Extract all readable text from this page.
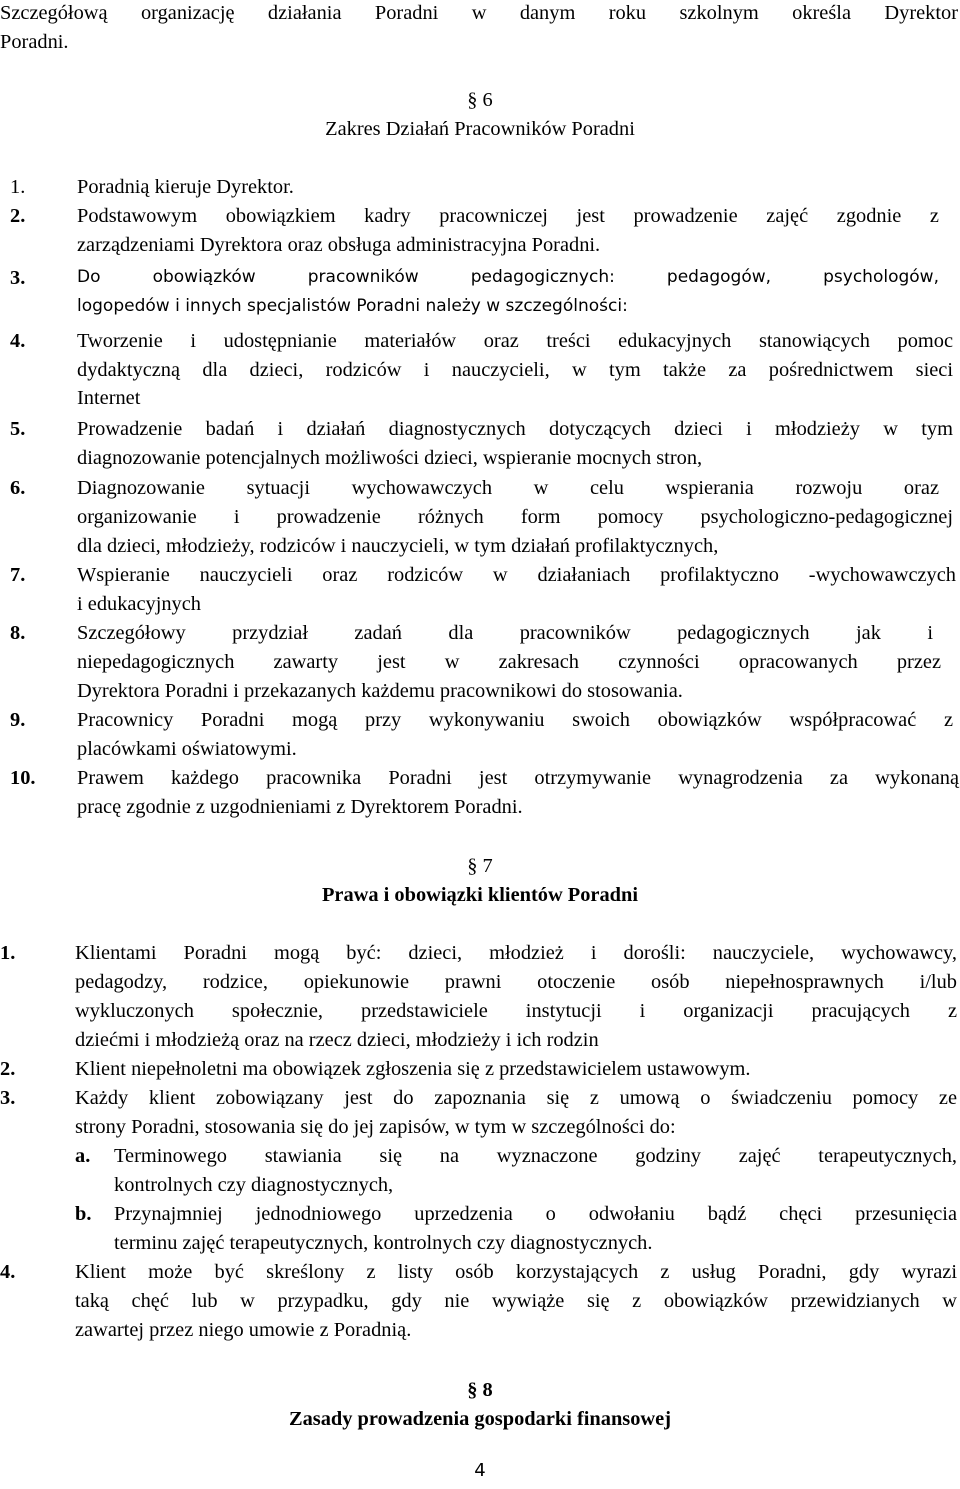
Szczegółową organizację działania Poradni w danym roku szkolnym określa Dyrektor
Poradni.
§ 6
Zakres Działań Pracowników Poradni
1.	Poradnią kieruje Dyrektor.
2.	Podstawowym obowiązkiem kadry pracowniczej jest prowadzenie zajęć zgodnie z
zarządzeniami Dyrektora oraz obsługa administracyjna Poradni.
3.	Do obowiązków pracowników pedagogicznych: pedagogów, psychologów,
logopedów i innych specjalistów Poradni należy w szczególności:
4.	Tworzenie i udostępnianie materiałów oraz treści edukacyjnych stanowiących pomoc
dydaktyczną dla dzieci, rodziców i nauczycieli, w tym także za pośrednictwem sieci
Internet
5.	Prowadzenie badań i działań diagnostycznych dotyczących dzieci i młodzieży w tym
diagnozowanie potencjalnych możliwości dzieci, wspieranie mocnych stron,
6.	Diagnozowanie sytuacji wychowawczych w celu wspierania rozwoju oraz
organizowanie i prowadzenie różnych form pomocy psychologiczno-pedagogicznej
dla dzieci, młodzieży, rodziców i nauczycieli, w tym działań profilaktycznych,
7.	Wspieranie nauczycieli oraz rodziców w działaniach profilaktyczno -wychowawczych
i edukacyjnych
8.	Szczegółowy przydział zadań dla pracowników pedagogicznych jak i
niepedagogicznych zawarty jest w zakresach czynności opracowanych przez
Dyrektora Poradni i przekazanych każdemu pracownikowi do stosowania.
9.	Pracownicy Poradni mogą przy wykonywaniu swoich obowiązków współpracować z
placówkami oświatowymi.
10. Prawem każdego pracownika Poradni jest otrzymywanie wynagrodzenia za wykonaną
pracę zgodnie z uzgodnieniami z Dyrektorem Poradni.
§ 7
Prawa i obowiązki klientów Poradni
1.	Klientami Poradni mogą być: dzieci, młodzież i dorośli: nauczyciele, wychowawcy,
pedagodzy, rodzice, opiekunowie prawni otoczenie osób niepełnosprawnych i/lub
wykluczonych społecznie, przedstawiciele instytucji i organizacji pracujących z
dziećmi i młodzieżą oraz na rzecz dzieci, młodzieży i ich rodzin
2.	Klient niepełnoletni ma obowiązek zgłoszenia się z przedstawicielem ustawowym.
3.	Każdy klient zobowiązany jest do zapoznania się z umową o świadczeniu pomocy ze
strony Poradni, stosowania się do jej zapisów, w tym w szczególności do:
a. Terminowego stawiania się na wyznaczone godziny zajęć terapeutycznych,
kontrolnych czy diagnostycznych,
b. Przynajmniej jednodniowego uprzedzenia o odwołaniu bądź chęci przesunięcia
terminu zajęć terapeutycznych, kontrolnych czy diagnostycznych.
4.	Klient może być skreślony z listy osób korzystających z usług Poradni, gdy wyrazi
taką chęć lub w przypadku, gdy nie wywiąże się z obowiązków przewidzianych w
zawartej przez niego umowie z Poradnią.
§ 8
Zasady prowadzenia gospodarki finansowej
4
